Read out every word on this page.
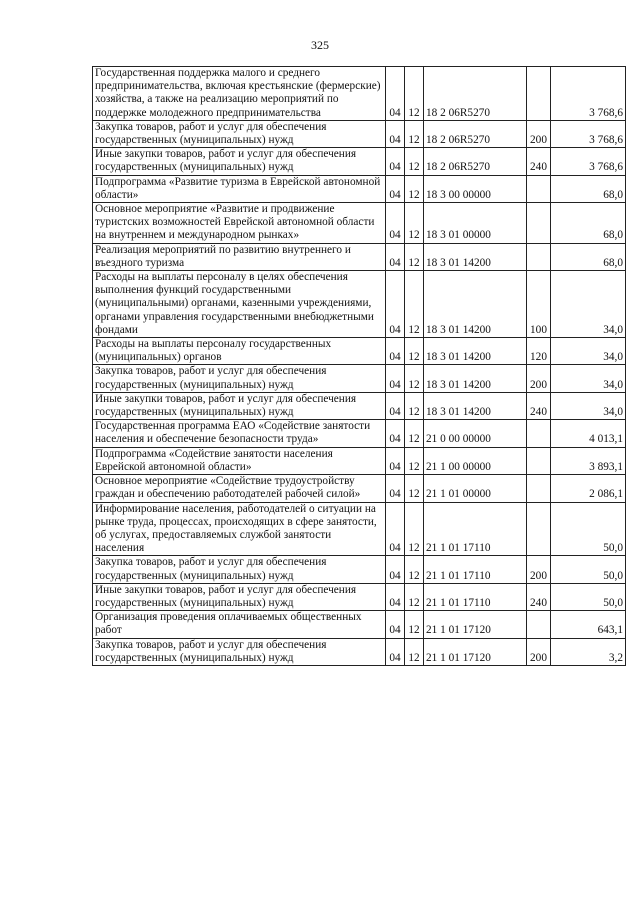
325
Государственная поддержка малого и среднего предпринимательства, включая крестьянские (фермерские) хозяйства, а также на реализацию мероприятий по поддержке молодежного предпринимательства	04	12	18 2 06R5270		3 768,6
Закупка товаров, работ и услуг для обеспечения государственных (муниципальных) нужд	04	12	18 2 06R5270	200	3 768,6
Иные закупки товаров, работ и услуг для обеспечения государственных (муниципальных) нужд	04	12	18 2 06R5270	240	3 768,6
Подпрограмма «Развитие туризма в Еврейской автономной области»	04	12	18 3 00 00000		68,0
Основное мероприятие «Развитие и продвижение туристских возможностей Еврейской автономной области на внутреннем и международном рынках»	04	12	18 3 01 00000		68,0
Реализация мероприятий по развитию внутреннего и въездного туризма	04	12	18 3 01 14200		68,0
Расходы на выплаты персоналу в целях обеспечения выполнения функций государственными (муниципальными) органами, казенными учреждениями, органами управления государственными внебюджетными фондами	04	12	18 3 01 14200	100	34,0
Расходы на выплаты персоналу государственных (муниципальных) органов	04	12	18 3 01 14200	120	34,0
Закупка товаров, работ и услуг для обеспечения государственных (муниципальных) нужд	04	12	18 3 01 14200	200	34,0
Иные закупки товаров, работ и услуг для обеспечения государственных (муниципальных) нужд	04	12	18 3 01 14200	240	34,0
Государственная программа ЕАО «Содействие занятости населения и обеспечение безопасности труда»	04	12	21 0 00 00000		4 013,1
Подпрограмма «Содействие занятости населения Еврейской автономной области»	04	12	21 1 00 00000		3 893,1
Основное мероприятие «Содействие трудоустройству граждан и обеспечению работодателей рабочей силой»	04	12	21 1 01 00000		2 086,1
Информирование населения, работодателей о ситуации на рынке труда, процессах, происходящих в сфере занятости, об услугах, предоставляемых службой занятости населения	04	12	21 1 01 17110		50,0
Закупка товаров, работ и услуг для обеспечения государственных (муниципальных) нужд	04	12	21 1 01 17110	200	50,0
Иные закупки товаров, работ и услуг для обеспечения государственных (муниципальных) нужд	04	12	21 1 01 17110	240	50,0
Организация проведения оплачиваемых общественных работ	04	12	21 1 01 17120		643,1
Закупка товаров, работ и услуг для обеспечения государственных (муниципальных) нужд	04	12	21 1 01 17120	200	3,2
